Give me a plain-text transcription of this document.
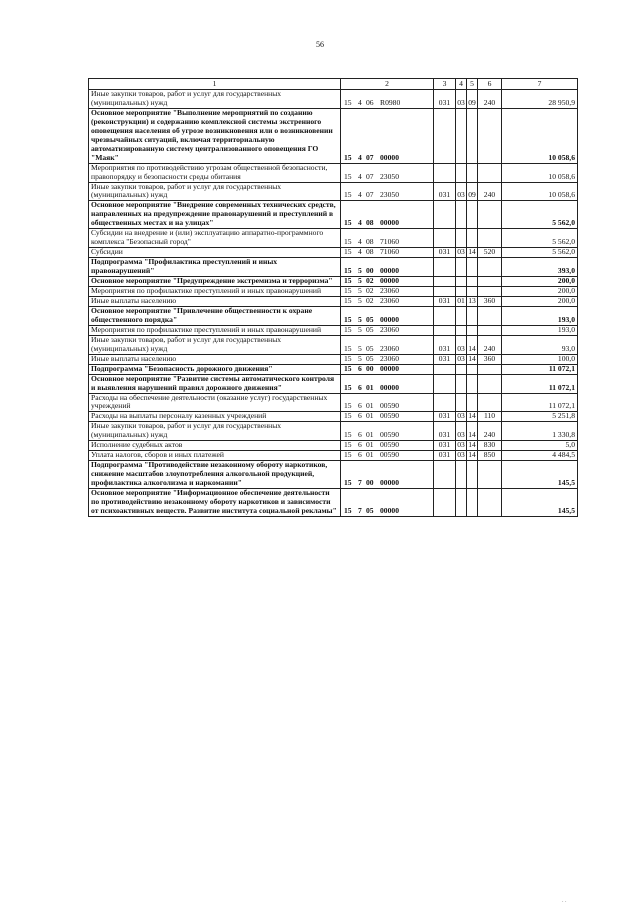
56
1	2	3	4	5	6	7
Иные закупки товаров, работ и услуг для государственных (муниципальных) нужд	15 4 06 R0980	031	03	09	240	28 950,9
Основное мероприятие "Выполнение мероприятий по созданию (реконструкции) и содержанию комплексной системы экстренного оповещения населения об угрозе возникновения или о возникновении чрезвычайных ситуаций, включая территориальную автоматизированную систему централизованного оповещения ГО "Маяк"	15 4 07 00000					10 058,6
Мероприятия по противодействию угрозам общественной безопасности, правопорядку и безопасности среды обитания	15 4 07 23050					10 058,6
Иные закупки товаров, работ и услуг для государственных (муниципальных) нужд	15 4 07 23050	031	03	09	240	10 058,6
Основное мероприятие "Внедрение современных технических средств, направленных на предупреждение правонарушений и преступлений в общественных местах и на улицах"	15 4 08 00000					5 562,0
Субсидии на внедрение и (или) эксплуатацию аппаратно-программного комплекса "Безопасный город"	15 4 08 71060					5 562,0
Субсидии	15 4 08 71060	031	03	14	520	5 562,0
Подпрограмма "Профилактика преступлений и иных правонарушений"	15 5 00 00000					393,0
Основное мероприятие "Предупреждение экстремизма и терроризма"	15 5 02 00000					200,0
Мероприятия по профилактике преступлений и иных правонарушений	15 5 02 23060					200,0
Иные выплаты населению	15 5 02 23060	031	01	13	360	200,0
Основное мероприятие "Привлечение общественности к охране общественного порядка"	15 5 05 00000					193,0
Мероприятия по профилактике преступлений и иных правонарушений	15 5 05 23060					193,0
Иные закупки товаров, работ и услуг для государственных (муниципальных) нужд	15 5 05 23060	031	03	14	240	93,0
Иные выплаты населению	15 5 05 23060	031	03	14	360	100,0
Подпрограмма "Безопасность дорожного движения"	15 6 00 00000					11 072,1
Основное мероприятие "Развитие системы автоматического контроля и выявления нарушений правил дорожного движения"	15 6 01 00000					11 072,1
Расходы на обеспечение деятельности (оказание услуг) государственных учреждений	15 6 01 00590					11 072,1
Расходы на выплаты персоналу казенных учреждений	15 6 01 00590	031	03	14	110	5 251,8
Иные закупки товаров, работ и услуг для государственных (муниципальных) нужд	15 6 01 00590	031	03	14	240	1 330,8
Исполнение судебных актов	15 6 01 00590	031	03	14	830	5,0
Уплата налогов, сборов и иных платежей	15 6 01 00590	031	03	14	850	4 484,5
Подпрограмма "Противодействие незаконному обороту наркотиков, снижение масштабов злоупотребления алкогольной продукцией, профилактика алкоголизма и наркомании"	15 7 00 00000					145,5
Основное мероприятие "Информационное обеспечение деятельности по противодействию незаконному обороту наркотиков и зависимости от психоактивных веществ. Развитие института социальной рекламы"	15 7 05 00000					145,5
. .
